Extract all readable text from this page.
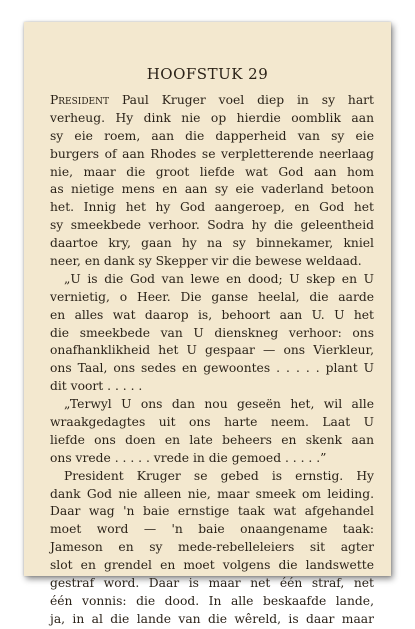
HOOFSTUK 29
President Paul Kruger voel diep in sy hart
verheug. Hy dink nie op hierdie oomblik aan
sy eie roem, aan die dapperheid van sy eie
burgers of aan Rhodes se verpletterende neerlaag
nie, maar die groot liefde wat God aan hom
as nietige mens en aan sy eie vaderland betoon
het. Innig het hy God aangeroep, en God het
sy smeekbede verhoor. Sodra hy die geleentheid
daartoe kry, gaan hy na sy binnekamer, kniel
neer, en dank sy Skepper vir die bewese weldaad.
„U is die God van lewe en dood; U skep en U
vernietig, o Heer. Die ganse heelal, die aarde
en alles wat daarop is, behoort aan U. U het
die smeekbede van U dienskneg verhoor: ons
onafhanklikheid het U gespaar — ons Vierkleur,
ons Taal, ons sedes en gewoontes . . . . . plant U
dit voort . . . . .
„Terwyl U ons dan nou geseën het, wil alle
wraakgedagtes uit ons harte neem. Laat U
liefde ons doen en late beheers en skenk aan
ons vrede . . . . . vrede in die gemoed . . . . .”
President Kruger se gebed is ernstig. Hy
dank God nie alleen nie, maar smeek om leiding.
Daar wag 'n baie ernstige taak wat afgehandel
moet word — 'n baie onaangename taak:
Jameson en sy mede-rebelleleiers sit agter
slot en grendel en moet volgens die landswette
gestraf word. Daar is maar net één straf, net
één vonnis: die dood. In alle beskaafde lande,
ja, in al die lande van die wêreld, is daar maar
